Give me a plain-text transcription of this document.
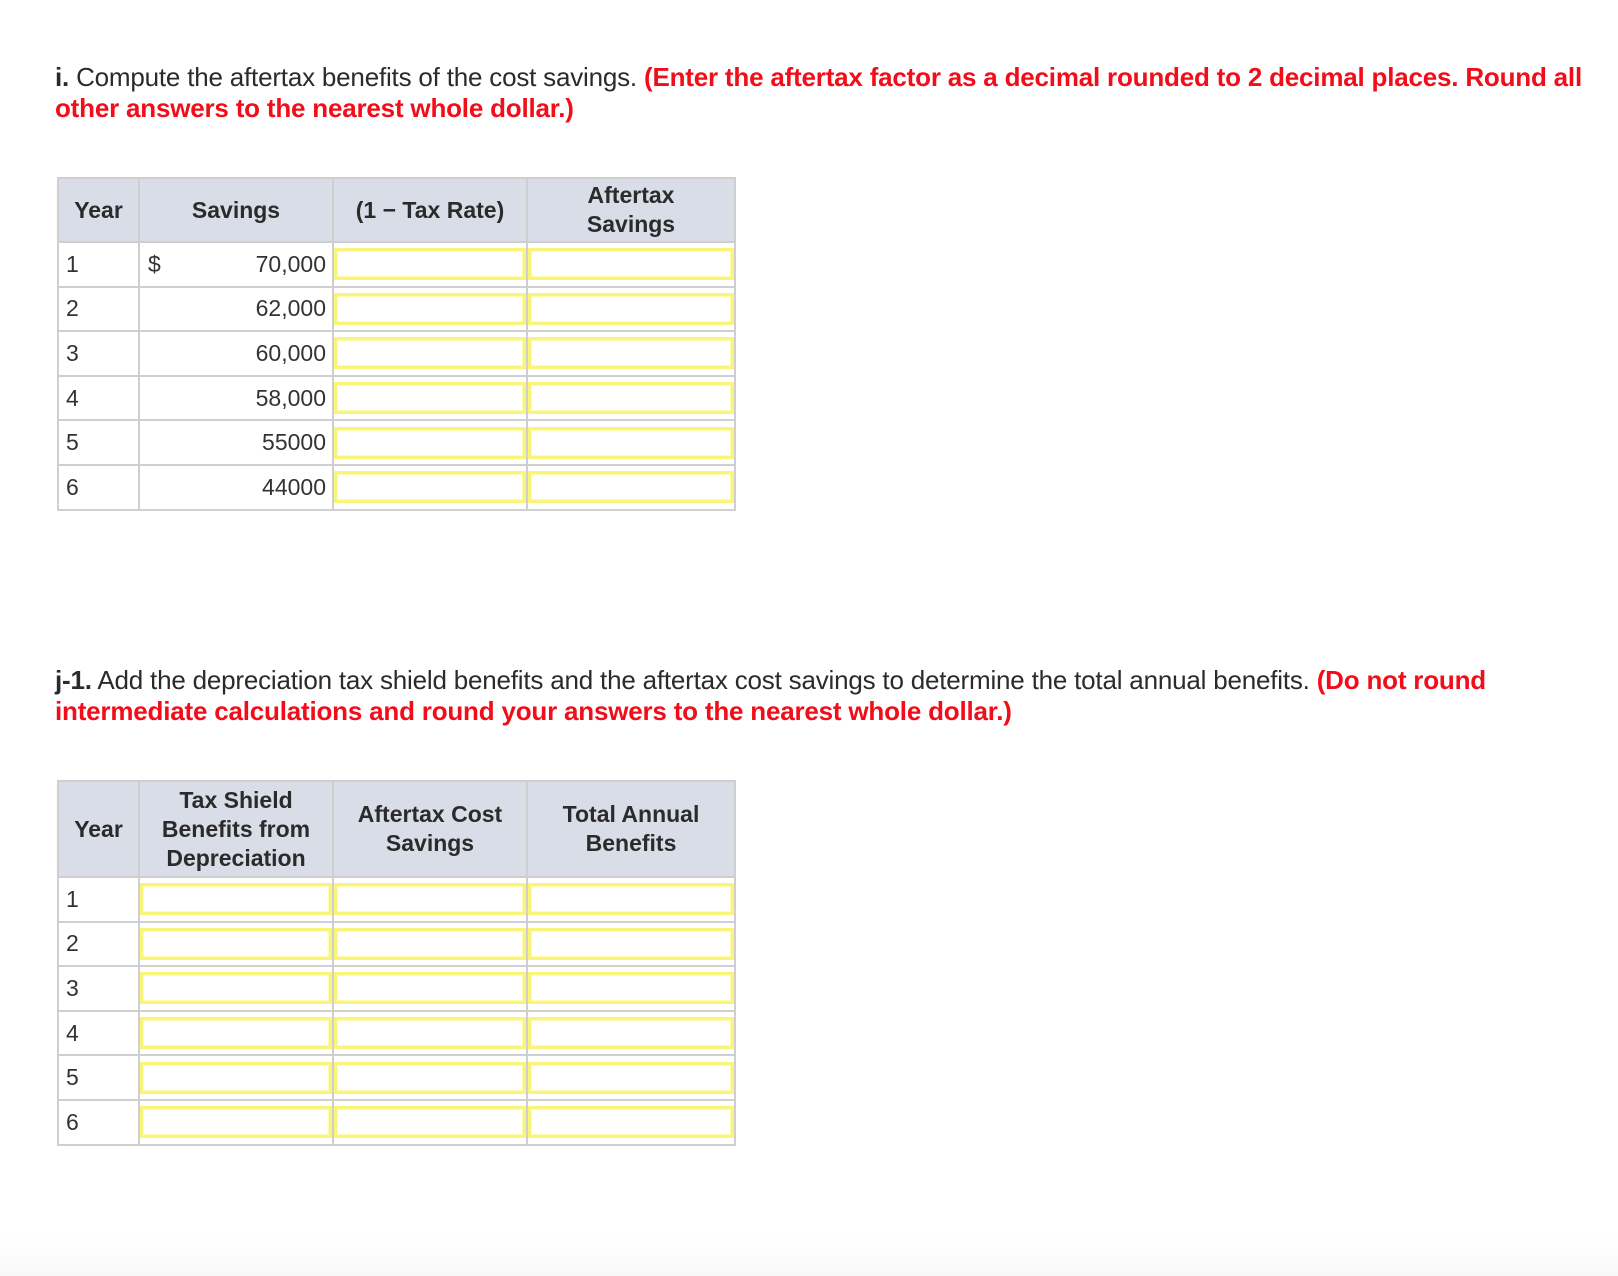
i. Compute the aftertax benefits of the cost savings. (Enter the aftertax factor as a decimal rounded to 2 decimal places. Round all other answers to the nearest whole dollar.)
Year	Savings	(1 − Tax Rate)	Aftertax Savings
1	$ 70,000	

2	62,000	

3	60,000	

4	58,000	

5	55000	

6	44000	

j-1. Add the depreciation tax shield benefits and the aftertax cost savings to determine the total annual benefits. (Do not round intermediate calculations and round your answers to the nearest whole dollar.)
Year	Tax Shield Benefits from Depreciation	Aftertax Cost Savings	Total Annual Benefits
1	

2	

3	

4	

5	

6	
